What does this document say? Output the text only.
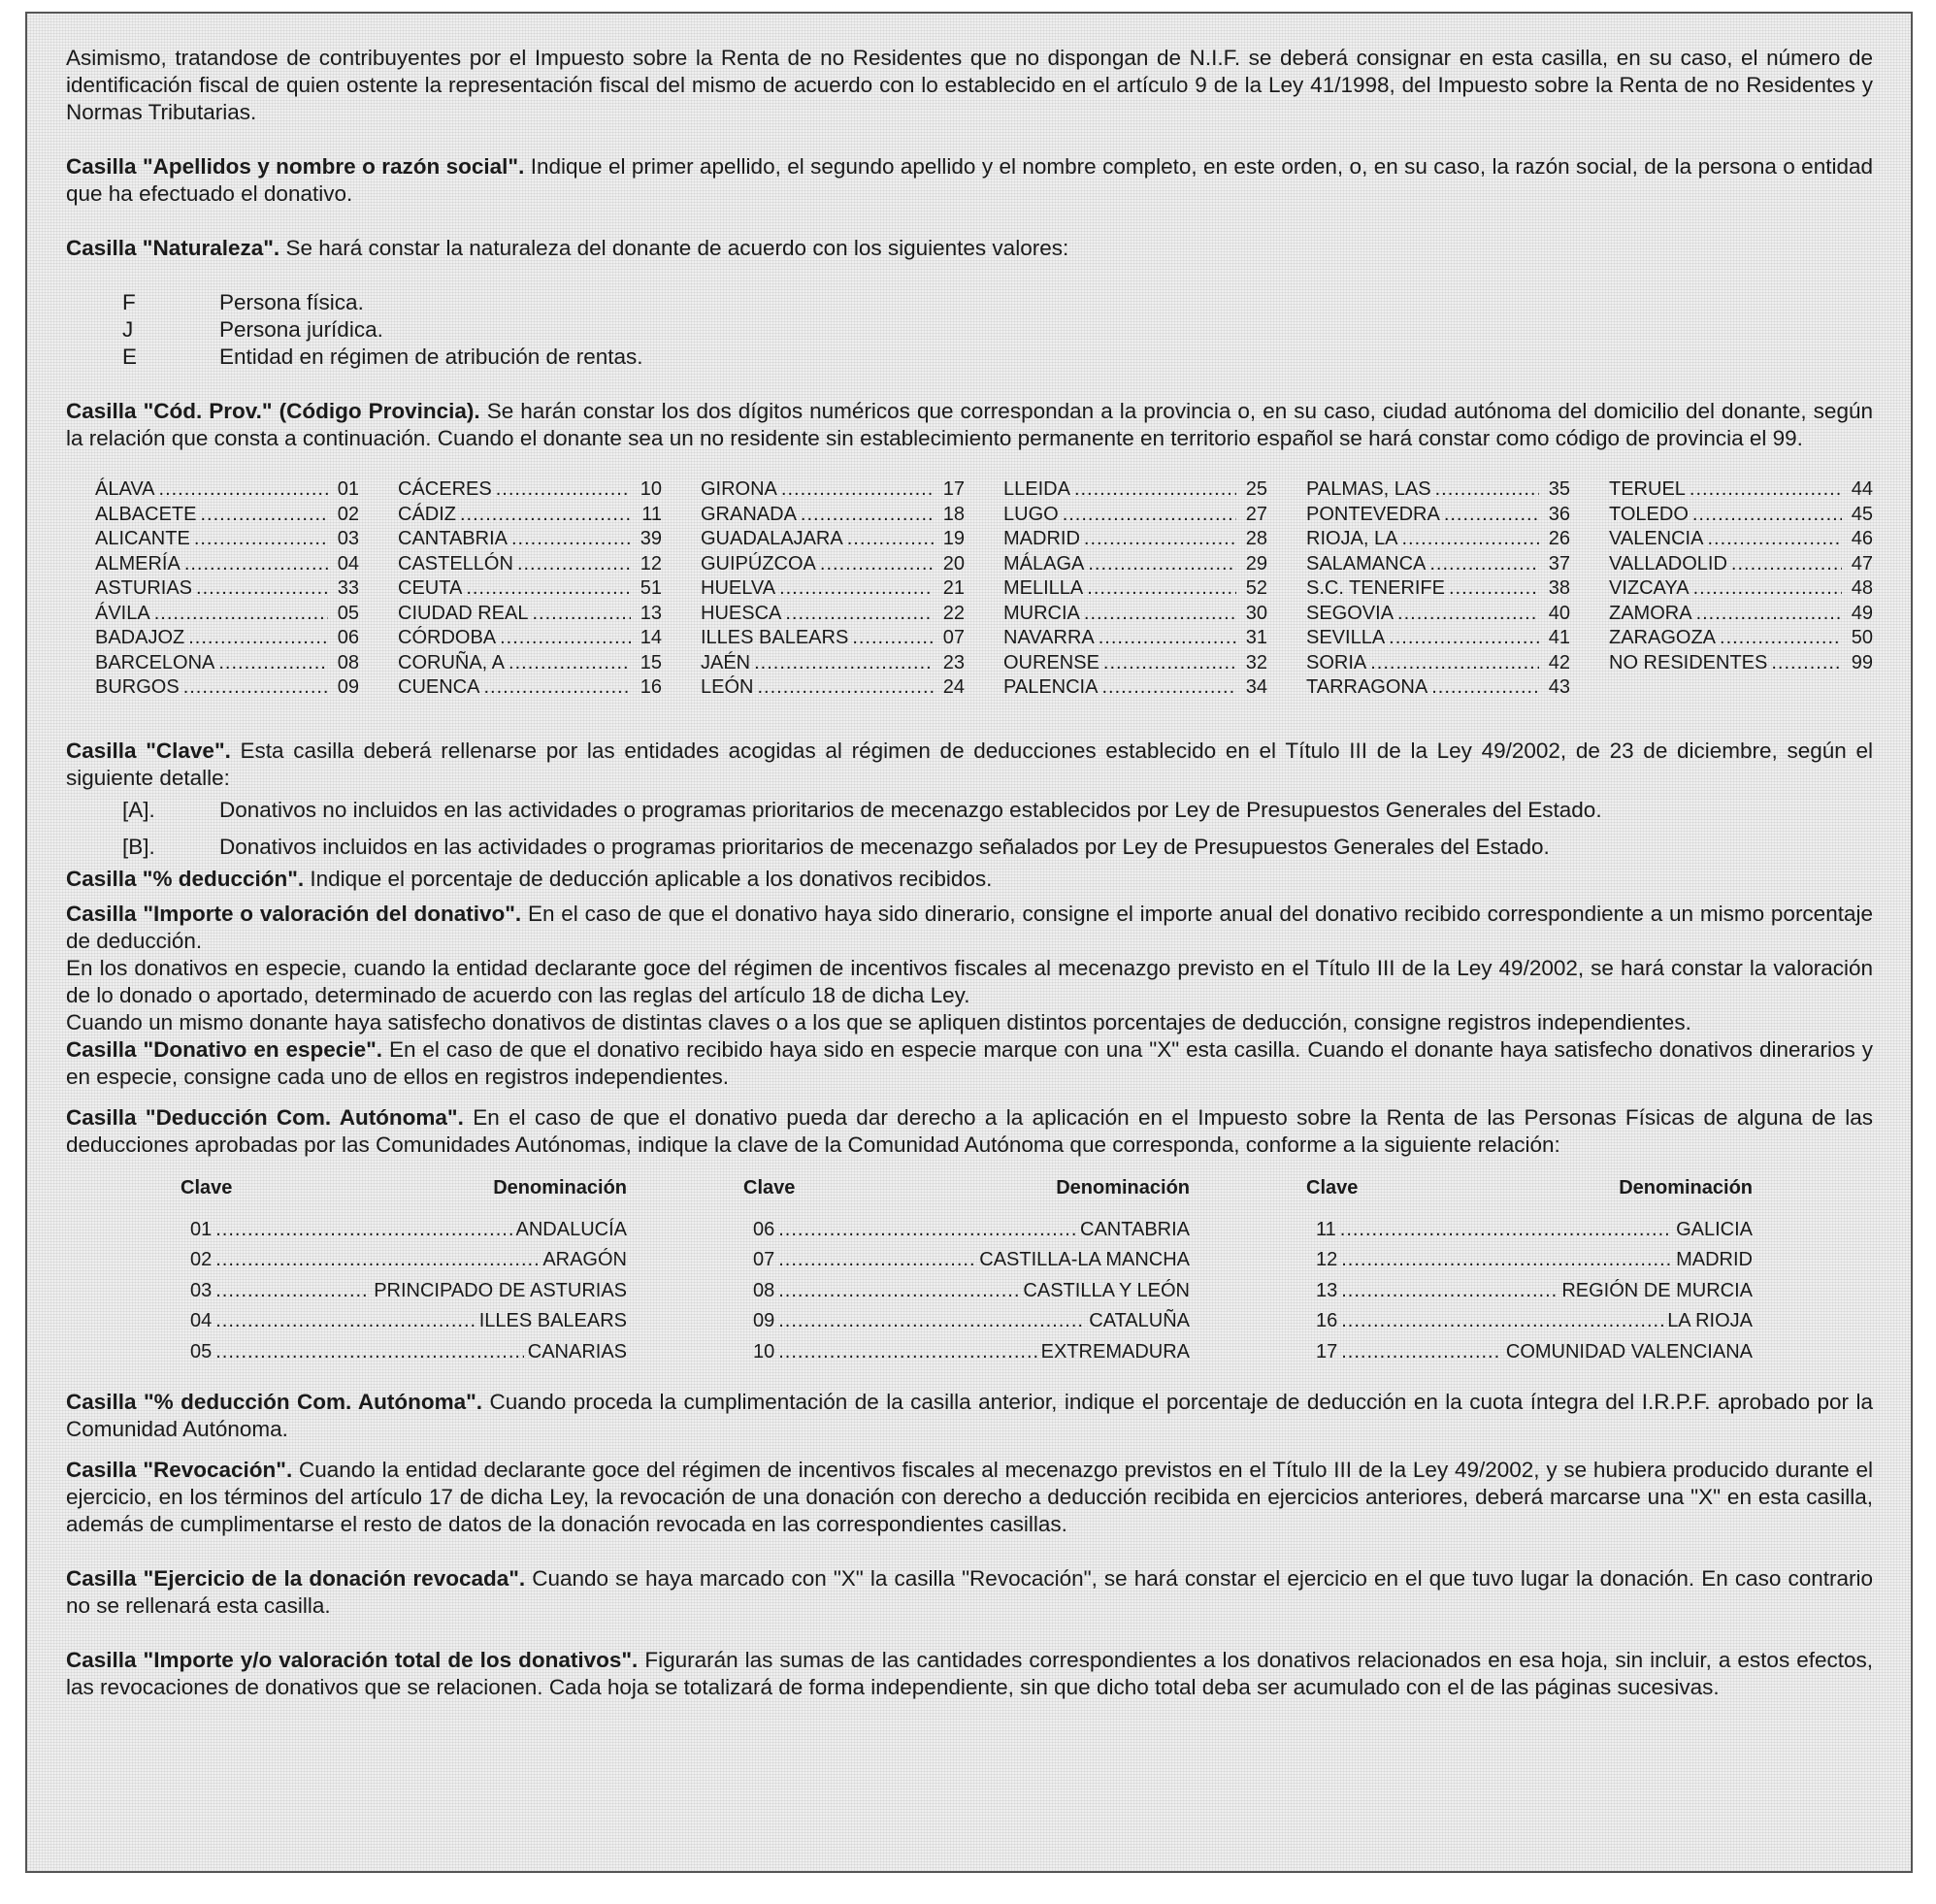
Asimismo, tratandose de contribuyentes por el Impuesto sobre la Renta de no Residentes que no dispongan de N.I.F. se deberá consignar en esta casilla, en su caso, el número de identificación fiscal de quien ostente la representación fiscal del mismo de acuerdo con lo establecido en el artículo 9 de la Ley 41/1998, del Impuesto sobre la Renta de no Residentes y Normas Tributarias.

Casilla "Apellidos y nombre o razón social". Indique el primer apellido, el segundo apellido y el nombre completo, en este orden, o, en su caso, la razón social, de la persona o entidad que ha efectuado el donativo.

Casilla "Naturaleza". Se hará constar la naturaleza del donante de acuerdo con los siguientes valores:

F	Persona física.
J	Persona jurídica.
E	Entidad en régimen de atribución de rentas.

Casilla "Cód. Prov." (Código Provincia). Se harán constar los dos dígitos numéricos que correspondan a la provincia o, en su caso, ciudad autónoma del domicilio del donante, según la relación que consta a continuación. Cuando el donante sea un no residente sin establecimiento permanente en territorio español se hará constar como código de provincia el 99.

ÁLAVA .....	01 CÁCERES .....	10 GIRONA .....	17 LLEIDA .....	25 PALMAS, LAS .....	35 TERUEL .....	44
ALBACETE .....	02 CÁDIZ .....	11 GRANADA .....	18 LUGO .....	27 PONTEVEDRA .....	36 TOLEDO .....	45
ALICANTE .....	03 CANTABRIA .....	39 GUADALAJARA .....	19 MADRID .....	28 RIOJA, LA .....	26 VALENCIA .....	46
ALMERÍA .....	04 CASTELLÓN .....	12 GUIPÚZCOA .....	20 MÁLAGA .....	29 SALAMANCA .....	37 VALLADOLID .....	47
ASTURIAS .....	33 CEUTA .....	51 HUELVA .....	21 MELILLA .....	52 S.C. TENERIFE .....	38 VIZCAYA .....	48
ÁVILA .....	05 CIUDAD REAL .....	13 HUESCA .....	22 MURCIA .....	30 SEGOVIA .....	40 ZAMORA .....	49
BADAJOZ .....	06 CÓRDOBA .....	14 ILLES BALEARS .....	07 NAVARRA .....	31 SEVILLA .....	41 ZARAGOZA .....	50
BARCELONA .....	08 CORUÑA, A .....	15 JAÉN .....	23 OURENSE .....	32 SORIA .....	42 NO RESIDENTES .....	99
BURGOS .....	09 CUENCA .....	16 LEÓN .....	24 PALENCIA .....	34 TARRAGONA .....	43

Casilla "Clave". Esta casilla deberá rellenarse por las entidades acogidas al régimen de deducciones establecido en el Título III de la Ley 49/2002, de 23 de diciembre, según el siguiente detalle:

[A].	Donativos no incluidos en las actividades o programas prioritarios de mecenazgo establecidos por Ley de Presupuestos Generales del Estado.
[B].	Donativos incluidos en las actividades o programas prioritarios de mecenazgo señalados por Ley de Presupuestos Generales del Estado.

Casilla "% deducción". Indique el porcentaje de deducción aplicable a los donativos recibidos.

Casilla "Importe o valoración del donativo". En el caso de que el donativo haya sido dinerario, consigne el importe anual del donativo recibido correspondiente a un mismo porcentaje de deducción.

En los donativos en especie, cuando la entidad declarante goce del régimen de incentivos fiscales al mecenazgo previsto en el Título III de la Ley 49/2002, se hará constar la valoración de lo donado o aportado, determinado de acuerdo con las reglas del artículo 18 de dicha Ley.

Cuando un mismo donante haya satisfecho donativos de distintas claves o a los que se apliquen distintos porcentajes de deducción, consigne registros independientes.

Casilla "Donativo en especie". En el caso de que el donativo recibido haya sido en especie marque con una "X" esta casilla. Cuando el donante haya satisfecho donativos dinerarios y en especie, consigne cada uno de ellos en registros independientes.

Casilla "Deducción Com. Autónoma". En el caso de que el donativo pueda dar derecho a la aplicación en el Impuesto sobre la Renta de las Personas Físicas de alguna de las deducciones aprobadas por las Comunidades Autónomas, indique la clave de la Comunidad Autónoma que corresponda, conforme a la siguiente relación:

Clave	Denominación
01 .....	ANDALUCÍA
02 .....	ARAGÓN
03 .....	PRINCIPADO DE ASTURIAS
04 .....	ILLES BALEARS
05 .....	CANARIAS
Clave	Denominación
06 .....	CANTABRIA
07 .....	CASTILLA-LA MANCHA
08 .....	CASTILLA Y LEÓN
09 .....	CATALUÑA
10 .....	EXTREMADURA
Clave	Denominación
11 .....	GALICIA
12 .....	MADRID
13 .....	REGIÓN DE MURCIA
16 .....	LA RIOJA
17 .....	COMUNIDAD VALENCIANA

Casilla "% deducción Com. Autónoma". Cuando proceda la cumplimentación de la casilla anterior, indique el porcentaje de deducción en la cuota íntegra del I.R.P.F. aprobado por la Comunidad Autónoma.

Casilla "Revocación". Cuando la entidad declarante goce del régimen de incentivos fiscales al mecenazgo previstos en el Título III de la Ley 49/2002, y se hubiera producido durante el ejercicio, en los términos del artículo 17 de dicha Ley, la revocación de una donación con derecho a deducción recibida en ejercicios anteriores, deberá marcarse una "X" en esta casilla, además de cumplimentarse el resto de datos de la donación revocada en las correspondientes casillas.

Casilla "Ejercicio de la donación revocada". Cuando se haya marcado con "X" la casilla "Revocación", se hará constar el ejercicio en el que tuvo lugar la donación. En caso contrario no se rellenará esta casilla.

Casilla "Importe y/o valoración total de los donativos". Figurarán las sumas de las cantidades correspondientes a los donativos relacionados en esa hoja, sin incluir, a estos efectos, las revocaciones de donativos que se relacionen. Cada hoja se totalizará de forma independiente, sin que dicho total deba ser acumulado con el de las páginas sucesivas.
